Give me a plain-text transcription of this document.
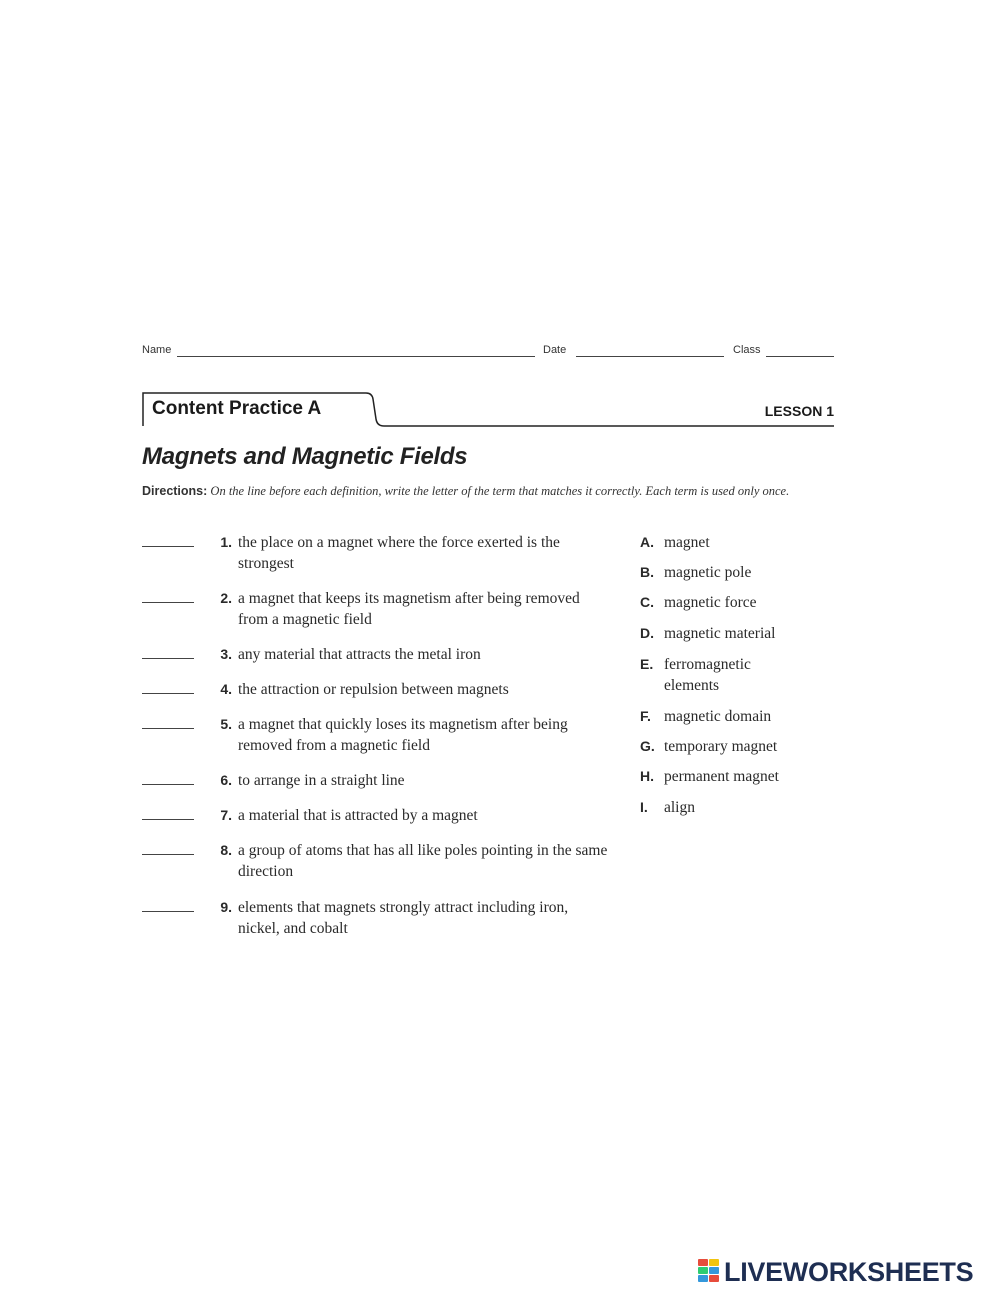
Name	Date	Class
Content Practice A	LESSON 1
Magnets and Magnetic Fields
Directions: On the line before each definition, write the letter of the term that matches it correctly. Each term is used only once.
1. the place on a magnet where the force exerted is the strongest
2. a magnet that keeps its magnetism after being removed from a magnetic field
3. any material that attracts the metal iron
4. the attraction or repulsion between magnets
5. a magnet that quickly loses its magnetism after being removed from a magnetic field
6. to arrange in a straight line
7. a material that is attracted by a magnet
8. a group of atoms that has all like poles pointing in the same direction
9. elements that magnets strongly attract including iron, nickel, and cobalt
A. magnet
B. magnetic pole
C. magnetic force
D. magnetic material
E. ferromagnetic elements
F. magnetic domain
G. temporary magnet
H. permanent magnet
I. align
LIVEWORKSHEETS
